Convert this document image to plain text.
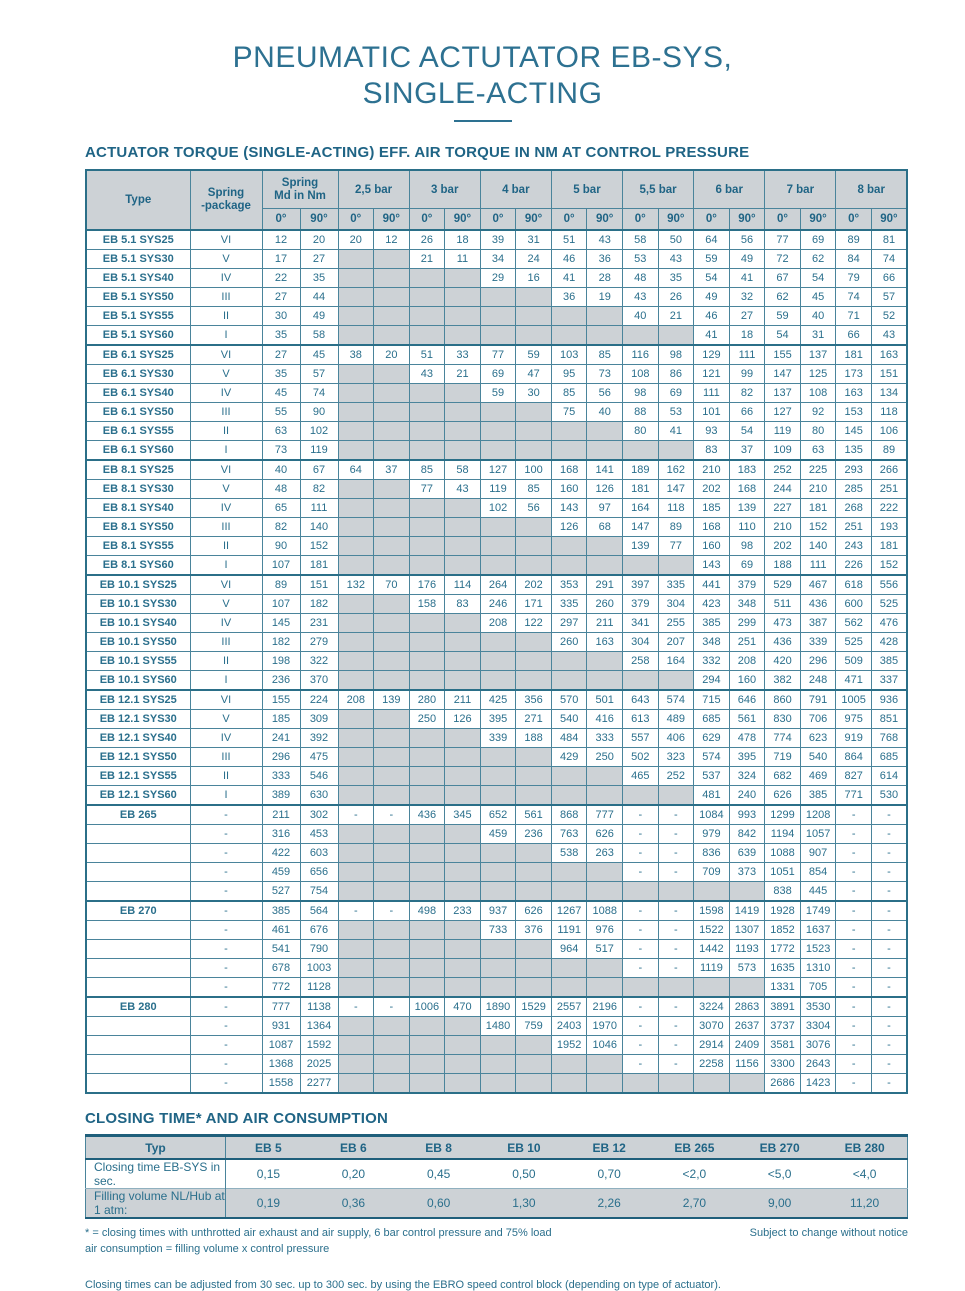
PNEUMATIC ACTUTATOR EB-SYS,
SINGLE-ACTING
ACTUATOR TORQUE (SINGLE-ACTING) EFF. AIR TORQUE IN NM AT CONTROL PRESSURE
Type	
Spring
-package

Spring
Md in Nm	2,5 bar	3 bar	4 bar	5 bar	5,5 bar	6 bar	7 bar	8 bar
		0°	90°	0°	90°	0°	90°	0°	90°	0°	90°	0°	90°	0°	90°	0°	90°	0°	90°
EB 5.1 SYS25	VI	12	20	20	12	26	18	39	31	51	43	58	50	64	56	77	69	89	81
EB 5.1 SYS30	V	17	27			21	11	34	24	46	36	53	43	59	49	72	62	84	74
EB 5.1 SYS40	IV	22	35					29	16	41	28	48	35	54	41	67	54	79	66
EB 5.1 SYS50	III	27	44							36	19	43	26	49	32	62	45	74	57
EB 5.1 SYS55	II	30	49									40	21	46	27	59	40	71	52
EB 5.1 SYS60	I	35	58											41	18	54	31	66	43
EB 6.1 SYS25	VI	27	45	38	20	51	33	77	59	103	85	116	98	129	111	155	137	181	163
EB 6.1 SYS30	V	35	57			43	21	69	47	95	73	108	86	121	99	147	125	173	151
EB 6.1 SYS40	IV	45	74					59	30	85	56	98	69	111	82	137	108	163	134
EB 6.1 SYS50	III	55	90							75	40	88	53	101	66	127	92	153	118
EB 6.1 SYS55	II	63	102									80	41	93	54	119	80	145	106
EB 6.1 SYS60	I	73	119											83	37	109	63	135	89
EB 8.1 SYS25	VI	40	67	64	37	85	58	127	100	168	141	189	162	210	183	252	225	293	266
EB 8.1 SYS30	V	48	82			77	43	119	85	160	126	181	147	202	168	244	210	285	251
EB 8.1 SYS40	IV	65	111					102	56	143	97	164	118	185	139	227	181	268	222
EB 8.1 SYS50	III	82	140							126	68	147	89	168	110	210	152	251	193
EB 8.1 SYS55	II	90	152									139	77	160	98	202	140	243	181
EB 8.1 SYS60	I	107	181											143	69	188	111	226	152
EB 10.1 SYS25	VI	89	151	132	70	176	114	264	202	353	291	397	335	441	379	529	467	618	556
EB 10.1 SYS30	V	107	182			158	83	246	171	335	260	379	304	423	348	511	436	600	525
EB 10.1 SYS40	IV	145	231					208	122	297	211	341	255	385	299	473	387	562	476
EB 10.1 SYS50	III	182	279							260	163	304	207	348	251	436	339	525	428
EB 10.1 SYS55	II	198	322									258	164	332	208	420	296	509	385
EB 10.1 SYS60	I	236	370											294	160	382	248	471	337
EB 12.1 SYS25	VI	155	224	208	139	280	211	425	356	570	501	643	574	715	646	860	791	1005	936
EB 12.1 SYS30	V	185	309			250	126	395	271	540	416	613	489	685	561	830	706	975	851
EB 12.1 SYS40	IV	241	392					339	188	484	333	557	406	629	478	774	623	919	768
EB 12.1 SYS50	III	296	475							429	250	502	323	574	395	719	540	864	685
EB 12.1 SYS55	II	333	546									465	252	537	324	682	469	827	614
EB 12.1 SYS60	I	389	630											481	240	626	385	771	530
EB 265	-	211	302	-	-	436	345	652	561	868	777	-	-	1084	993	1299	1208	-	-
	-	316	453					459	236	763	626	-	-	979	842	1194	1057	-	-
	-	422	603							538	263	-	-	836	639	1088	907	-	-
	-	459	656									-	-	709	373	1051	854	-	-
	-	527	754													838	445	-	-
EB 270	-	385	564	-	-	498	233	937	626	1267	1088	-	-	1598	1419	1928	1749	-	-
	-	461	676					733	376	1191	976	-	-	1522	1307	1852	1637	-	-
	-	541	790							964	517	-	-	1442	1193	1772	1523	-	-
	-	678	1003									-	-	1119	573	1635	1310	-	-
	-	772	1128													1331	705	-	-
EB 280	-	777	1138	-	-	1006	470	1890	1529	2557	2196	-	-	3224	2863	3891	3530	-	-
	-	931	1364					1480	759	2403	1970	-	-	3070	2637	3737	3304	-	-
	-	1087	1592							1952	1046	-	-	2914	2409	3581	3076	-	-
	-	1368	2025									-	-	2258	1156	3300	2643	-	-
	-	1558	2277													2686	1423	-	-
CLOSING TIME* AND AIR CONSUMPTION
Typ	EB 5	EB 6	EB 8	EB 10	EB 12	EB 265	EB 270	EB 280
Closing time EB-SYS in sec.	0,15	0,20	0,45	0,50	0,70	<2,0	<5,0	<4,0
Filling volume NL/Hub at 1 atm:	0,19	0,36	0,60	1,30	2,26	2,70	9,00	11,20
* = closing times with unthrotted air exhaust and air supply, 6 bar control pressure and 75% load
air consumption = filling volume x control pressure
Subject to change without notice
Closing times can be adjusted from 30 sec. up to 300 sec. by using the EBRO speed control block (depending on type of actuator).
